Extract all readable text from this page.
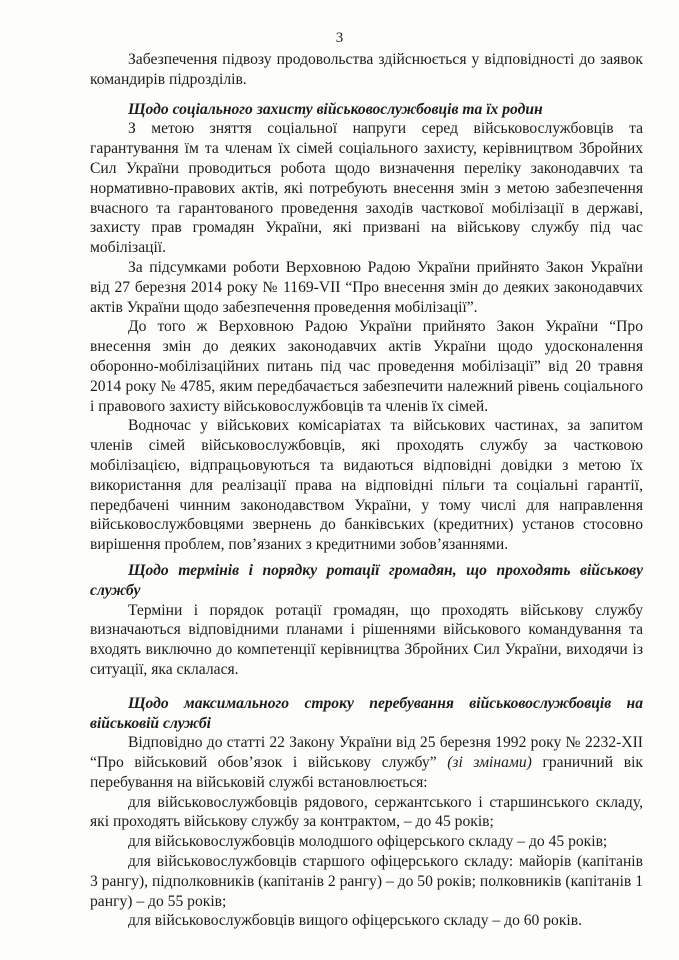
3

Забезпечення підвозу продовольства здійснюється у відповідності до заявок командирів підрозділів.

Щодо соціального захисту військовослужбовців та їх родин

З метою зняття соціальної напруги серед військовослужбовців та гарантування їм та членам їх сімей соціального захисту, керівництвом Збройних Сил України проводиться робота щодо визначення переліку законодавчих та нормативно-правових актів, які потребують внесення змін з метою забезпечення вчасного та гарантованого проведення заходів часткової мобілізації в державі, захисту прав громадян України, які призвані на військову службу під час мобілізації.

За підсумками роботи Верховною Радою України прийнято Закон України від 27 березня 2014 року № 1169-VII “Про внесення змін до деяких законодавчих актів України щодо забезпечення проведення мобілізації”.

До того ж Верховною Радою України прийнято Закон України “Про внесення змін до деяких законодавчих актів України щодо удосконалення оборонно-мобілізаційних питань під час проведення мобілізації” від 20 травня 2014 року № 4785, яким передбачається забезпечити належний рівень соціального і правового захисту військовослужбовців та членів їх сімей.

Водночас у військових комісаріатах та військових частинах, за запитом членів сімей військовослужбовців, які проходять службу за частковою мобілізацією, відпрацьовуються та видаються відповідні довідки з метою їх використання для реалізації права на відповідні пільги та соціальні гарантії, передбачені чинним законодавством України, у тому числі для направлення військовослужбовцями звернень до банківських (кредитних) установ стосовно вирішення проблем, пов’язаних з кредитними зобов’язаннями.

Щодо термінів і порядку ротації громадян, що проходять військову службу

Терміни і порядок ротації громадян, що проходять військову службу визначаються відповідними планами і рішеннями військового командування та входять виключно до компетенції керівництва Збройних Сил України, виходячи із ситуації, яка склалася.

Щодо максимального строку перебування військовослужбовців на військовій службі

Відповідно до статті 22 Закону України від 25 березня 1992 року № 2232-XII “Про військовий обов’язок і військову службу” (зі змінами) граничний вік перебування на військовій службі встановлюється:

для військовослужбовців рядового, сержантського і старшинського складу, які проходять військову службу за контрактом, – до 45 років;

для військовослужбовців молодшого офіцерського складу – до 45 років;

для військовослужбовців старшого офіцерського складу: майорів (капітанів 3 рангу), підполковників (капітанів 2 рангу) – до 50 років; полковників (капітанів 1 рангу) – до 55 років;

для військовослужбовців вищого офіцерського складу – до 60 років.
